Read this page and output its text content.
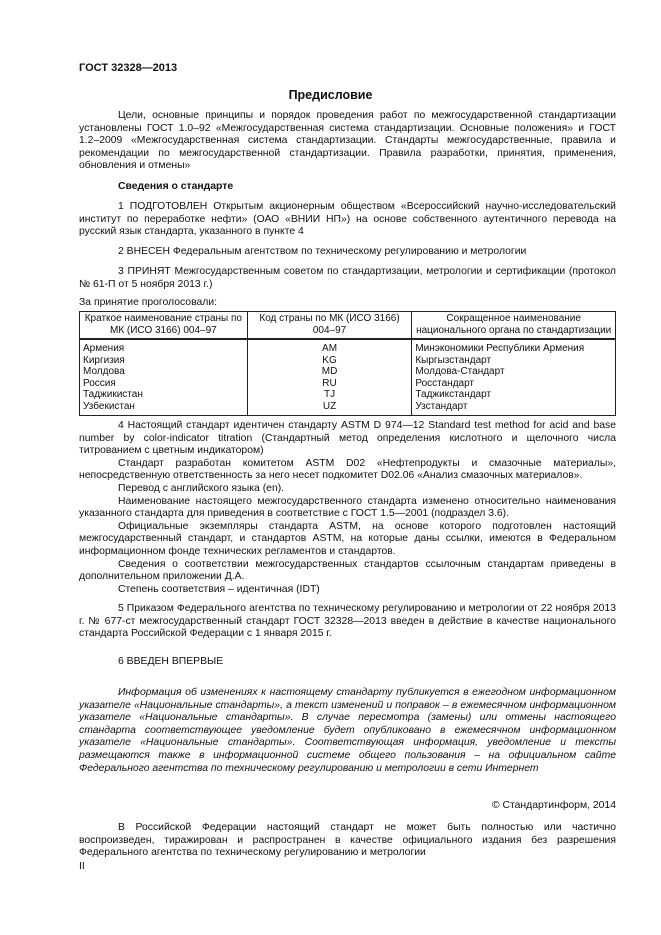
ГОСТ 32328—2013
Предисловие

Цели, основные принципы и порядок проведения работ по межгосударственной стандартизации установлены ГОСТ 1.0–92 «Межгосударственная система стандартизации. Основные положения» и ГОСТ 1.2–2009 «Межгосударственная система стандартизации. Стандарты межгосударственные, правила и рекомендации по межгосударственной стандартизации. Правила разработки, принятия, применения, обновления и отмены»

Сведения о стандарте

1 ПОДГОТОВЛЕН Открытым акционерным обществом «Всероссийский научно-исследовательский институт по переработке нефти» (ОАО «ВНИИ НП») на основе собственного аутентичного перевода на русский язык стандарта, указанного в пункте 4

2 ВНЕСЕН Федеральным агентством по техническому регулированию и метрологии

3 ПРИНЯТ Межгосударственным советом по стандартизации, метрологии и сертификации (протокол № 61-П от 5 ноября 2013 г.)

За принятие проголосовали:

Краткое наименование страны по МК (ИСО 3166) 004–97	Код страны по МК (ИСО 3166) 004–97	Сокращенное наименование национального органа по стандартизации
Армения	AM	Минэкономики Республики Армения
Киргизия	KG	Кыргызстандарт
Молдова	MD	Молдова-Стандарт
Россия	RU	Росстандарт
Таджикистан	TJ	Таджикстандарт
Узбекистан	UZ	Узстандарт

4 Настоящий стандарт идентичен стандарту ASTM D 974—12 Standard test method for acid and base number by color-indicator titration (Стандартный метод определения кислотного и щелочного числа титрованием с цветным индикатором)

Стандарт разработан комитетом ASTM D02 «Нефтепродукты и смазочные материалы», непосредственную ответственность за него несет подкомитет D02.06 «Анализ смазочных материалов».

Перевод с английского языка (en).

Наименование настоящего межгосударственного стандарта изменено относительно наименования указанного стандарта для приведения в соответствие с ГОСТ 1.5—2001 (подраздел 3.6).

Официальные экземпляры стандарта ASTM, на основе которого подготовлен настоящий межгосударственный стандарт, и стандартов ASTM, на которые даны ссылки, имеются в Федеральном информационном фонде технических регламентов и стандартов.

Сведения о соответствии межгосударственных стандартов ссылочным стандартам приведены в дополнительном приложении Д.А.

Степень соответствия – идентичная (IDT)

5 Приказом Федерального агентства по техническому регулированию и метрологии от 22 ноября 2013 г. № 677-ст межгосударственный стандарт ГОСТ 32328—2013 введен в действие в качестве национального стандарта Российской Федерации с 1 января 2015 г.

6 ВВЕДЕН ВПЕРВЫЕ

Информация об изменениях к настоящему стандарту публикуется в ежегодном информационном указателе «Национальные стандарты», а текст изменений и поправок – в ежемесячном информационном указателе «Национальные стандарты». В случае пересмотра (замены) или отмены настоящего стандарта соответствующее уведомление будет опубликовано в ежемесячном информационном указателе «Национальные стандарты». Соответствующая информация, уведомление и тексты размещаются также в информационной системе общего пользования – на официальном сайте Федерального агентства по техническому регулированию и метрологии в сети Интернет

© Стандартинформ, 2014

В Российской Федерации настоящий стандарт не может быть полностью или частично воспроизведен, тиражирован и распространен в качестве официального издания без разрешения Федерального агентства по техническому регулированию и метрологии

II
